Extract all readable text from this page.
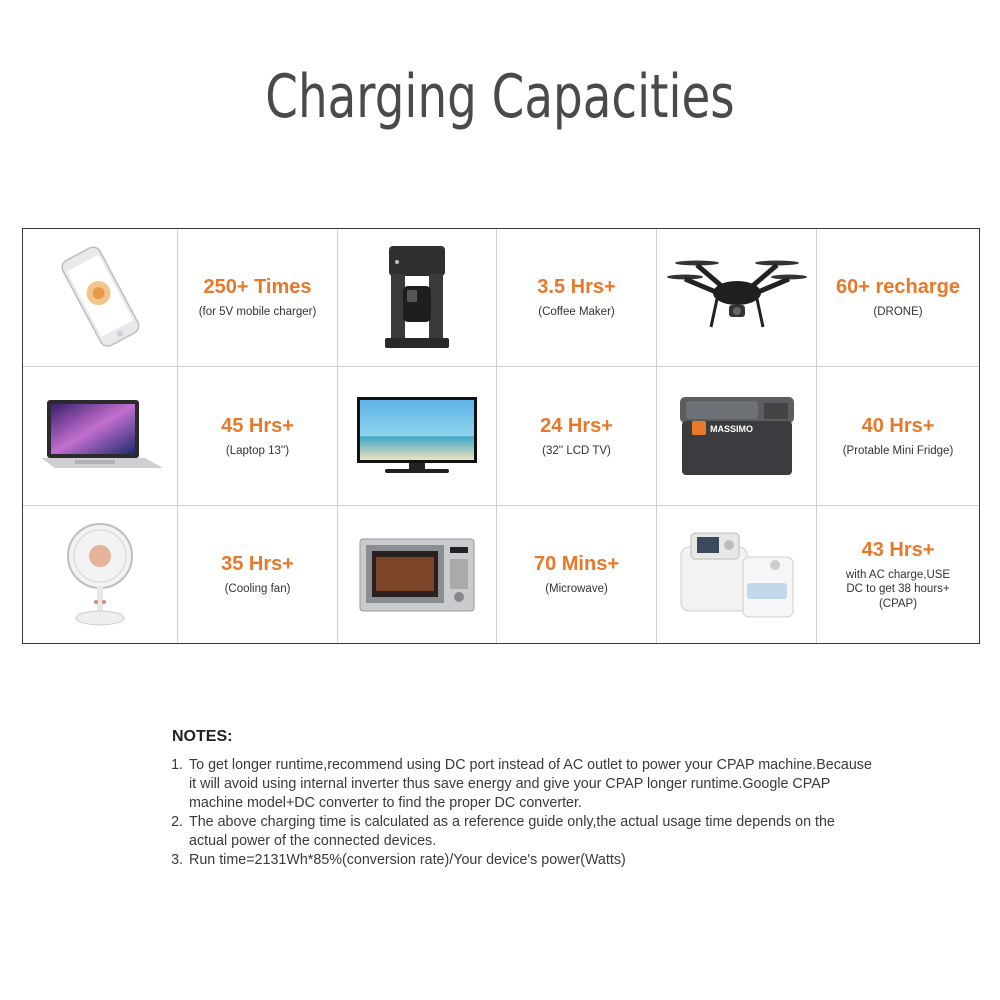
Charging Capacities
250+ Times
(for 5V mobile charger)
3.5 Hrs+
(Coffee Maker)
60+ recharge
(DRONE)
45 Hrs+
(Laptop 13'')
24 Hrs+
(32'' LCD TV)
MASSIMO	40 Hrs+
(Protable Mini Fridge)
35 Hrs+
(Cooling fan)
70 Mins+
(Microwave)
43 Hrs+
with AC charge,USE
DC to get 38 hours+
(CPAP)
NOTES:
1. To get longer runtime,recommend using DC port instead of AC outlet to power your CPAP machine.Because it will avoid using internal inverter thus save energy and give your CPAP longer runtime.Google CPAP machine model+DC converter to find the proper DC converter.
2. The above charging time is calculated as a reference guide only,the actual usage time depends on the actual power of the connected devices.
3. Run time=2131Wh*85%(conversion rate)/Your device's power(Watts)
